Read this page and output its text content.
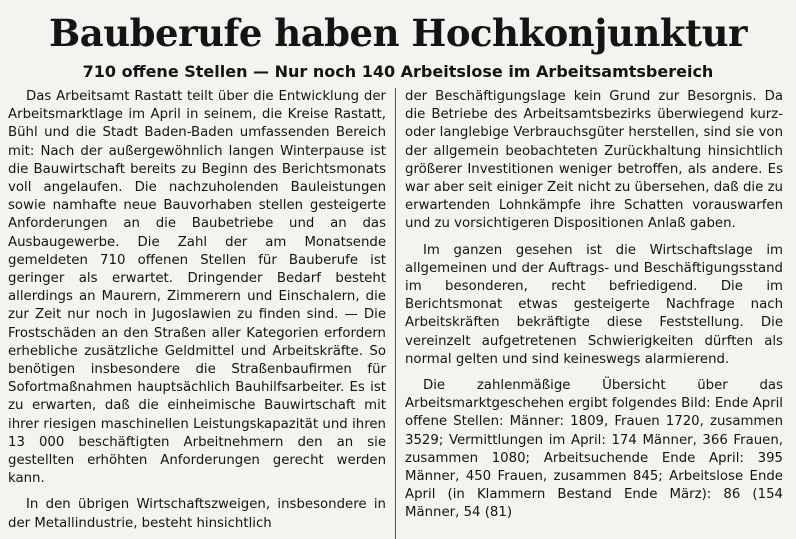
Bauberufe haben Hochkonjunktur
710 offene Stellen — Nur noch 140 Arbeitslose im Arbeitsamtsbereich

Das Arbeitsamt Rastatt teilt über die Entwicklung der Arbeitsmarktlage im April in seinem, die Kreise Rastatt, Bühl und die Stadt Baden-Baden umfassenden Bereich mit: Nach der außergewöhnlich langen Winterpause ist die Bauwirtschaft bereits zu Beginn des Berichtsmonats voll angelaufen. Die nachzuholenden Bauleistungen sowie namhafte neue Bauvorhaben stellen gesteigerte Anforderungen an die Baubetriebe und an das Ausbaugewerbe. Die Zahl der am Monatsende gemeldeten 710 offenen Stellen für Bauberufe ist geringer als erwartet. Dringender Bedarf besteht allerdings an Maurern, Zimmerern und Einschalern, die zur Zeit nur noch in Jugoslawien zu finden sind. — Die Frostschäden an den Straßen aller Kategorien erfordern erhebliche zusätzliche Geldmittel und Arbeitskräfte. So benötigen insbesondere die Straßenbaufirmen für Sofortmaßnahmen hauptsächlich Bauhilfsarbeiter. Es ist zu erwarten, daß die einheimische Bauwirtschaft mit ihrer riesigen maschinellen Leistungskapazität und ihren 13 000 beschäftigten Arbeitnehmern den an sie gestellten erhöhten Anforderungen gerecht werden kann.

In den übrigen Wirtschaftszweigen, insbesondere in der Metallindustrie, besteht hinsichtlich

der Beschäftigungslage kein Grund zur Besorgnis. Da die Betriebe des Arbeitsamtsbezirks überwiegend kurz- oder langlebige Verbrauchsgüter herstellen, sind sie von der allgemein beobachteten Zurückhaltung hinsichtlich größerer Investitionen weniger betroffen, als andere. Es war aber seit einiger Zeit nicht zu übersehen, daß die zu erwartenden Lohnkämpfe ihre Schatten vorauswarfen und zu vorsichtigeren Dispositionen Anlaß gaben.

Im ganzen gesehen ist die Wirtschaftslage im allgemeinen und der Auftrags- und Beschäftigungsstand im besonderen, recht befriedigend. Die im Berichtsmonat etwas gesteigerte Nachfrage nach Arbeitskräften bekräftigte diese Feststellung. Die vereinzelt aufgetretenen Schwierigkeiten dürften als normal gelten und sind keineswegs alarmierend.

Die zahlenmäßige Übersicht über das Arbeitsmarktgeschehen ergibt folgendes Bild: Ende April offene Stellen: Männer: 1809, Frauen 1720, zusammen 3529; Vermittlungen im April: 174 Männer, 366 Frauen, zusammen 1080; Arbeitsuchende Ende April: 395 Männer, 450 Frauen, zusammen 845; Arbeitslose Ende April (in Klammern Bestand Ende März): 86 (154 Männer, 54 (81)
